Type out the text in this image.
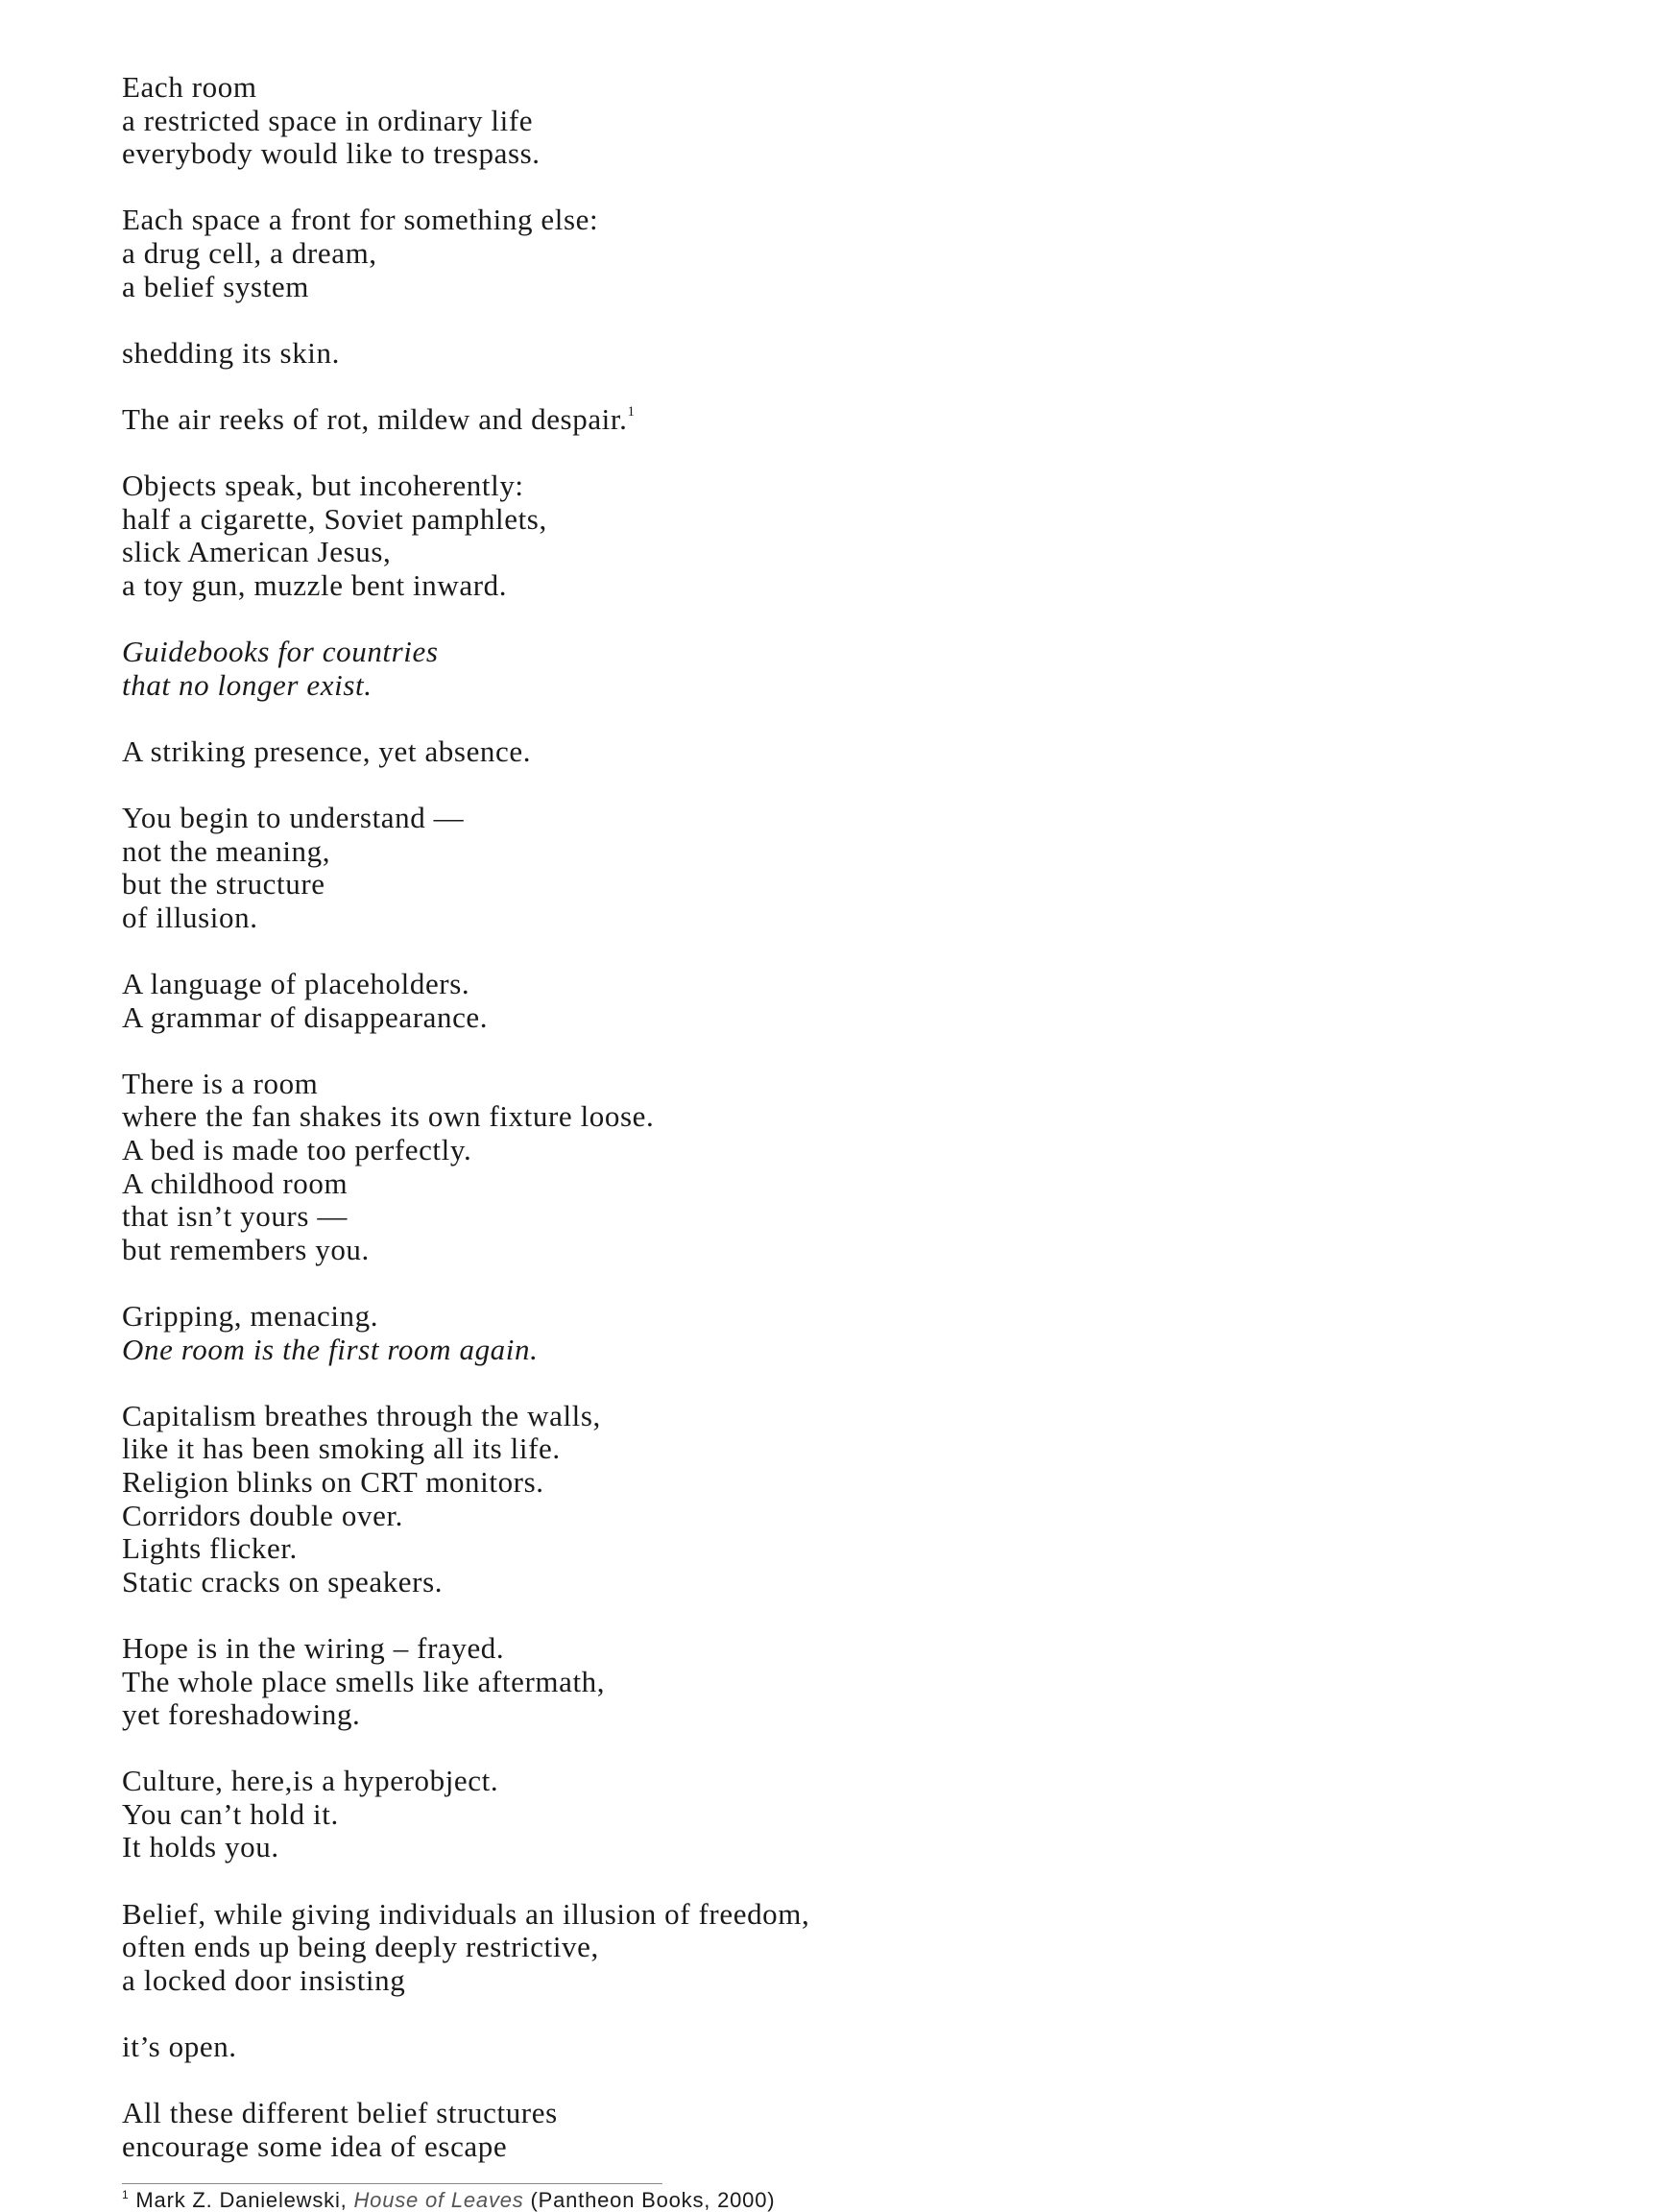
Each room
a restricted space in ordinary life
everybody would like to trespass.
Each space a front for something else:
a drug cell, a dream,
a belief system
shedding its skin.
The air reeks of rot, mildew and despair.$^1$
Objects speak, but incoherently:
half a cigarette, Soviet pamphlets,
slick American Jesus,
a toy gun, muzzle bent inward.
Guidebooks for countries
that no longer exist.
A striking presence, yet absence.
You begin to understand —
not the meaning,
but the structure
of illusion.
A language of placeholders.
A grammar of disappearance.
There is a room
where the fan shakes its own fixture loose.
A bed is made too perfectly.
A childhood room
that isn’t yours —
but remembers you.
Gripping, menacing.
One room is the first room again.
Capitalism breathes through the walls,
like it has been smoking all its life.
Religion blinks on CRT monitors.
Corridors double over.
Lights flicker.
Static cracks on speakers.
Hope is in the wiring – frayed.
The whole place smells like aftermath,
yet foreshadowing.
Culture, here,is a hyperobject.
You can’t hold it.
It holds you.
Belief, while giving individuals an illusion of freedom,
often ends up being deeply restrictive,
a locked door insisting
it’s open.
All these different belief structures
encourage some idea of escape
$^1$ Mark Z. Danielewski, House of Leaves (Pantheon Books, 2000)
